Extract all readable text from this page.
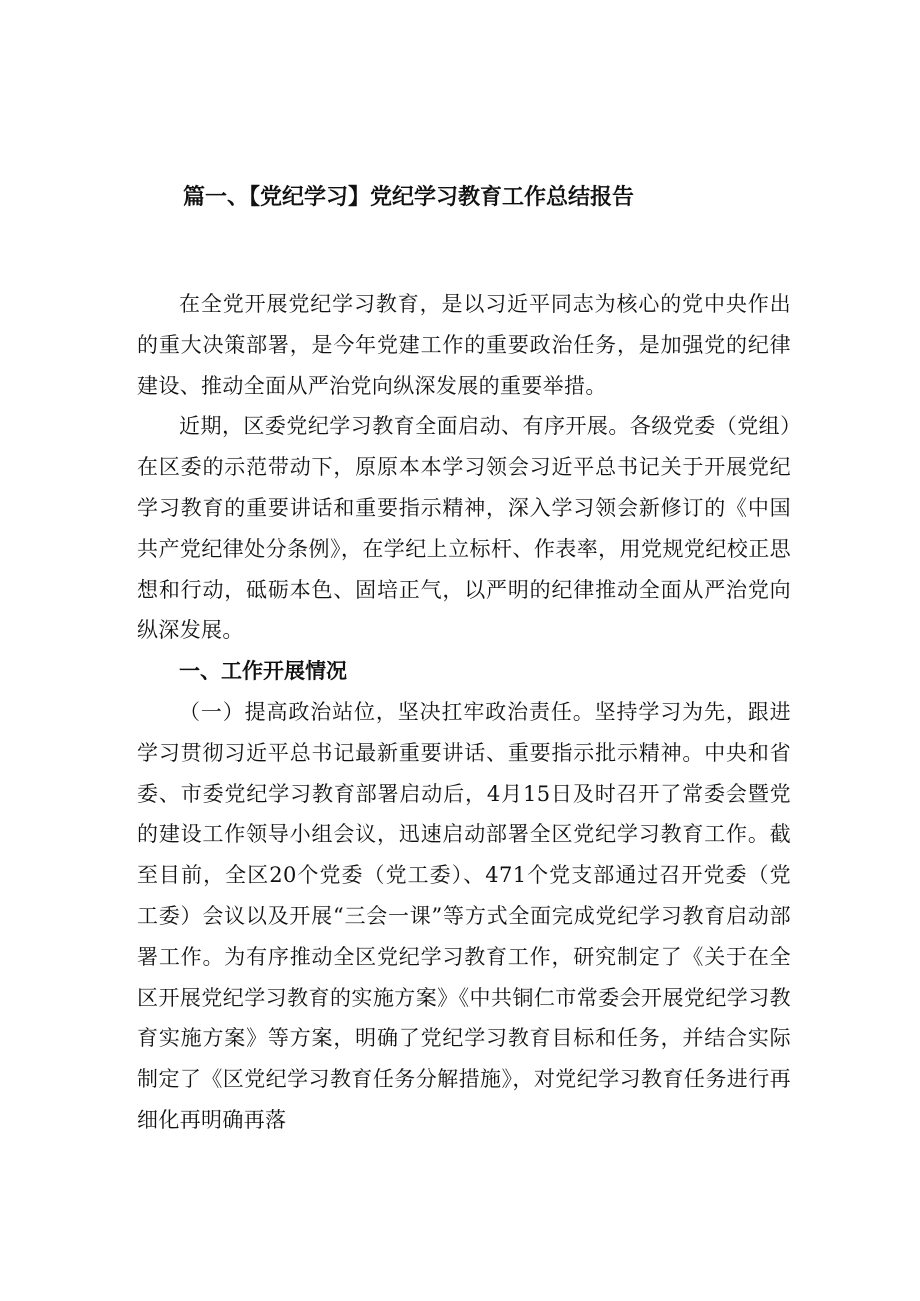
篇一、【党纪学习】党纪学习教育工作总结报告

在全党开展党纪学习教育，是以习近平同志为核心的党中央作出的重大决策部署，是今年党建工作的重要政治任务，是加强党的纪律建设、推动全面从严治党向纵深发展的重要举措。

近期，区委党纪学习教育全面启动、有序开展。各级党委（党组）在区委的示范带动下，原原本本学习领会习近平总书记关于开展党纪学习教育的重要讲话和重要指示精神，深入学习领会新修订的《中国共产党纪律处分条例》，在学纪上立标杆、作表率，用党规党纪校正思想和行动，砥砺本色、固培正气，以严明的纪律推动全面从严治党向纵深发展。

一、工作开展情况

（一）提高政治站位，坚决扛牢政治责任。坚持学习为先，跟进学习贯彻习近平总书记最新重要讲话、重要指示批示精神。中央和省委、市委党纪学习教育部署启动后，4月15日及时召开了常委会暨党的建设工作领导小组会议，迅速启动部署全区党纪学习教育工作。截至目前，全区20个党委（党工委）、471个党支部通过召开党委（党工委）会议以及开展“三会一课”等方式全面完成党纪学习教育启动部署工作。为有序推动全区党纪学习教育工作，研究制定了《关于在全区开展党纪学习教育的实施方案》《中共铜仁市常委会开展党纪学习教育实施方案》等方案，明确了党纪学习教育目标和任务，并结合实际制定了《区党纪学习教育任务分解措施》，对党纪学习教育任务进行再细化再明确再落
